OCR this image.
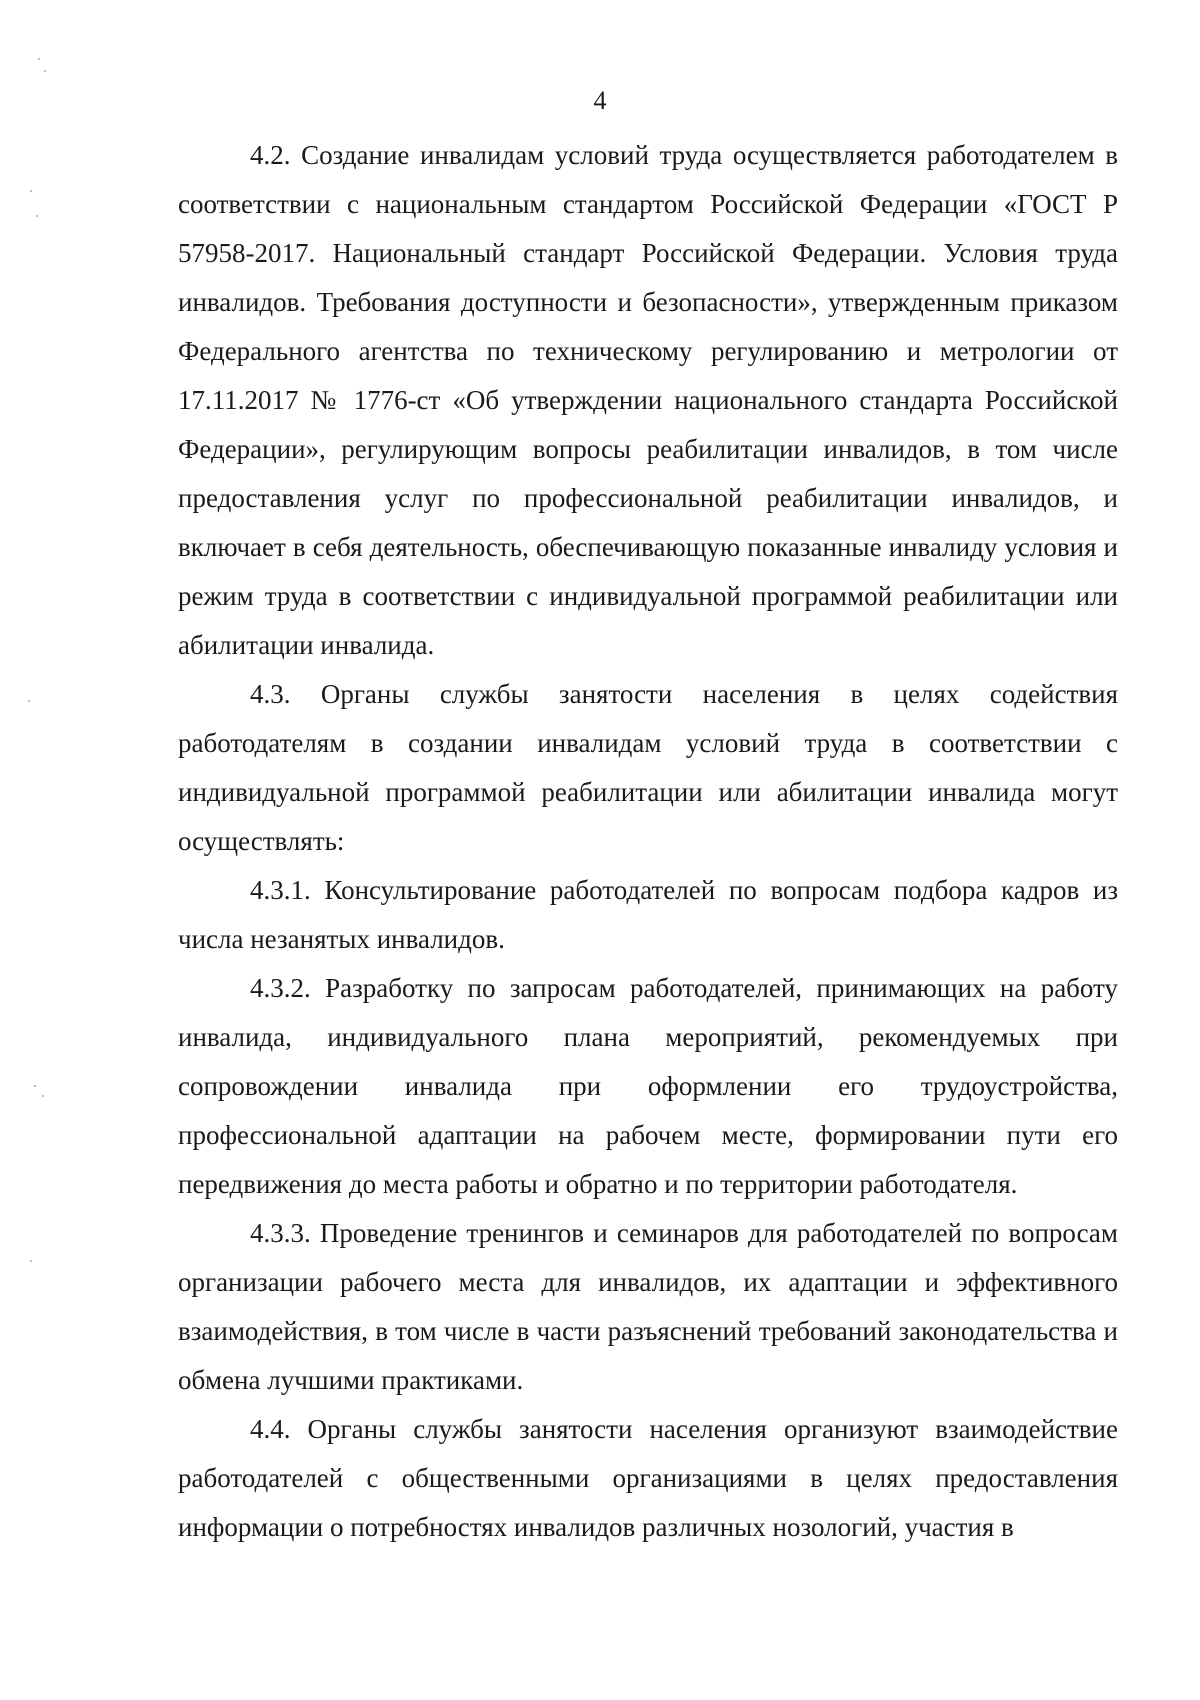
4

4.2. Создание инвалидам условий труда осуществляется работодателем в соответствии с национальным стандартом Российской Федерации «ГОСТ Р 57958-2017. Национальный стандарт Российской Федерации. Условия труда инвалидов. Требования доступности и безопасности», утвержденным приказом Федерального агентства по техническому регулированию и метрологии от 17.11.2017 № 1776-ст «Об утверждении национального стандарта Российской Федерации», регулирующим вопросы реабилитации инвалидов, в том числе предоставления услуг по профессиональной реабилитации инвалидов, и включает в себя деятельность, обеспечивающую показанные инвалиду условия и режим труда в соответствии с индивидуальной программой реабилитации или абилитации инвалида.

4.3. Органы службы занятости населения в целях содействия работодателям в создании инвалидам условий труда в соответствии с индивидуальной программой реабилитации или абилитации инвалида могут осуществлять:

4.3.1. Консультирование работодателей по вопросам подбора кадров из числа незанятых инвалидов.

4.3.2. Разработку по запросам работодателей, принимающих на работу инвалида, индивидуального плана мероприятий, рекомендуемых при сопровождении инвалида при оформлении его трудоустройства, профессиональной адаптации на рабочем месте, формировании пути его передвижения до места работы и обратно и по территории работодателя.

4.3.3. Проведение тренингов и семинаров для работодателей по вопросам организации рабочего места для инвалидов, их адаптации и эффективного взаимодействия, в том числе в части разъяснений требований законодательства и обмена лучшими практиками.

4.4. Органы службы занятости населения организуют взаимодействие работодателей с общественными организациями в целях предоставления информации о потребностях инвалидов различных нозологий, участия в
